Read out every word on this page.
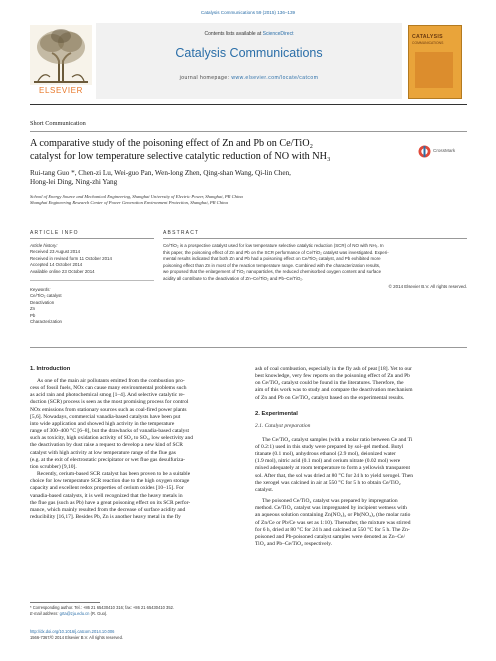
Catalysis Communications 59 (2015) 136–139
ELSEVIER
Contents lists available at ScienceDirect
Catalysis Communications
journal homepage: www.elsevier.com/locate/catcom
CATALYSIS
COMMUNICATIONS
Short Communication
A comparative study of the poisoning effect of Zn and Pb on Ce/TiO₂
catalyst for low temperature selective catalytic reduction of NO with NH₃
CrossMark
Rui-tang Guo *, Chen-zi Lu, Wei-guo Pan, Wen-long Zhen, Qing-shan Wang, Qi-lin Chen,
Hong-lei Ding, Ning-zhi Yang
School of Energy Source and Mechanical Engineering, Shanghai University of Electric Power, Shanghai, PR China
Shanghai Engineering Research Center of Power Generation Environment Protection, Shanghai, PR China
ARTICLE INFO	ABSTRACT
Article history:
Received 23 August 2014
Received in revised form 11 October 2014
Accepted 14 October 2014
Available online 23 October 2014
Keywords:
Ce/TiO₂ catalyst
Deactivation
Zn
Pb
Characterization
Ce/TiO₂ is a prospective catalyst used for low temperature selective catalytic reduction (SCR) of NO with NH₃. In
this paper, the poisoning effect of Zn and Pb on the SCR performance of Ce/TiO₂ catalyst was investigated. Experi-
mental results indicated that both Zn and Pb had a poisoning effect on Ce/TiO₂ catalyst, and Pb exhibited more
poisoning effect than Zn in most of the reaction temperature range. Combined with the characterization results,
we proposed that the enlargement of TiO₂ nanoparticles, the reduced chemisorbed oxygen content and surface
acidity all contribute to the deactivation of Zn–Ce/TiO₂ and Pb–Ce/TiO₂.
© 2014 Elsevier B.V. All rights reserved.
1. Introduction
As one of the main air pollutants emitted from the combustion pro-
cess of fossil fuels, NOx can cause many environmental problems such
as acid rain and photochemical smog [1–4]. And selective catalytic re-
duction (SCR) process is seen as the most promising process for control
NOx emissions from stationary sources such as coal-fired power plants
[5,6]. Nowadays, commercial vanadia-based catalysts have been put
into wide application and showed high activity in the temperature
range of 300–400 °C [6–8], but the drawbacks of vanadia-based catalyst
such as toxicity, high oxidation activity of SO₂ to SO₃, low selectivity and
the deactivation by dust raise a request to develop a new kind of SCR
catalyst with high activity at low temperature range of the flue gas
(e.g. at the exit of electrostatic precipitator or wet flue gas desulfuriza-
tion scrubber) [9,10].
Recently, cerium-based SCR catalyst has been proven to be a suitable
choice for low temperature SCR reaction due to the high oxygen storage
capacity and excellent redox properties of cerium oxides [10–15]. For
vanadia-based catalysts, it is well recognized that the heavy metals in
the flue gas (such as Pb) have a great poisoning effect on its SCR perfor-
mance, which mainly resulted from the decrease of surface acidity and
reducibility [16,17]. Besides Pb, Zn is another heavy metal in the fly
ash of coal combustion, especially in the fly ash of peat [18]. Yet to our
best knowledge, very few reports on the poisoning effect of Zn and Pb
on Ce/TiO₂ catalyst could be found in the literatures. Therefore, the
aim of this work was to study and compare the deactivation mechanism
of Zn and Pb on Ce/TiO₂ catalyst based on the experimental results.
2. Experimental
2.1. Catalyst preparation
The Ce/TiO₂ catalyst samples (with a molar ratio between Ce and Ti
of 0.2:1) used in this study were prepared by sol–gel method. Butyl
titanate (0.1 mol), anhydrous ethanol (2.9 mol), deionized water
(1.9 mol), nitric acid (0.1 mol) and cerium nitrate (0.02 mol) were
mixed adequately at room temperature to form a yellowish transparent
sol. After that, the sol was dried at 80 °C for 24 h to yield xerogel. Then
the xerogel was calcined in air at 550 °C for 5 h to obtain Ce/TiO₂
catalyst.
The poisoned Ce/TiO₂ catalyst was prepared by impregnation
method. Ce/TiO₂ catalyst was impregnated by incipient wetness with
an aqueous solution containing Zn(NO₃)₂ or Pb(NO₃)₂ (the molar ratio
of Zn/Ce or Pb/Ce was set as 1:10). Thereafter, the mixture was stirred
for 6 h, dried at 80 °C for 24 h and calcined at 550 °C for 5 h. The Zn-
poisoned and Pb-poisoned catalyst samples were denoted as Zn–Ce/
TiO₂ and Pb–Ce/TiO₂ respectively.
* Corresponding author. Tel.: +86 21 65430410 316; fax: +86 21 65430410 352.
E-mail address: grta@zju.edu.cn (R. Guo).
http://dx.doi.org/10.1016/j.catcom.2014.10.006
1566-7367/© 2014 Elsevier B.V. All rights reserved.
